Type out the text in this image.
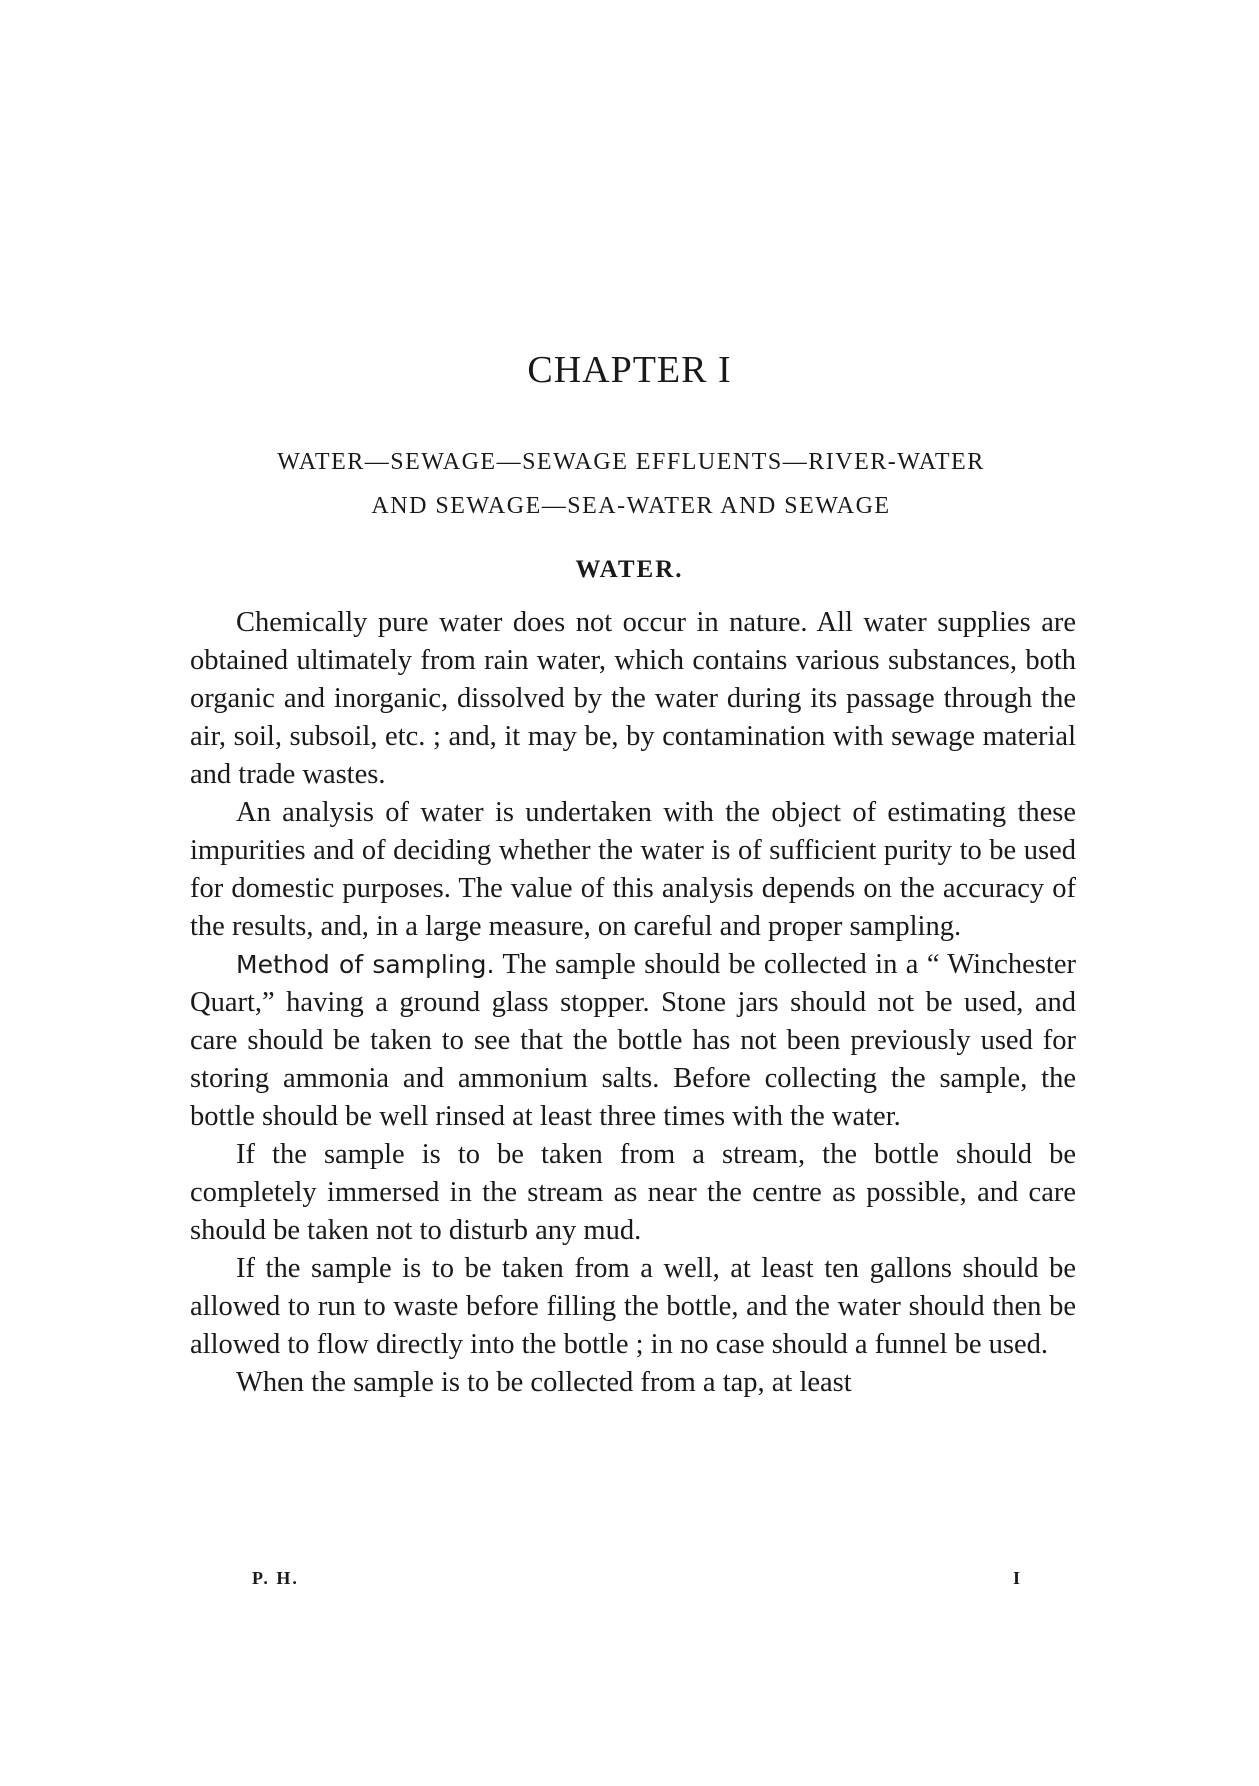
CHAPTER I
WATER—SEWAGE—SEWAGE EFFLUENTS—RIVER-WATER
AND SEWAGE—SEA-WATER AND SEWAGE
WATER.

Chemically pure water does not occur in nature. All water supplies are obtained ultimately from rain water, which contains various substances, both organic and inorganic, dissolved by the water during its passage through the air, soil, subsoil, etc. ; and, it may be, by contamination with sewage material and trade wastes.

An analysis of water is undertaken with the object of estimating these impurities and of deciding whether the water is of sufficient purity to be used for domestic purposes. The value of this analysis depends on the accuracy of the results, and, in a large measure, on careful and proper sampling.

Method of sampling. The sample should be collected in a “ Winchester Quart,” having a ground glass stopper. Stone jars should not be used, and care should be taken to see that the bottle has not been previously used for storing ammonia and ammonium salts. Before collecting the sample, the bottle should be well rinsed at least three times with the water.

If the sample is to be taken from a stream, the bottle should be completely immersed in the stream as near the centre as possible, and care should be taken not to disturb any mud.

If the sample is to be taken from a well, at least ten gallons should be allowed to run to waste before filling the bottle, and the water should then be allowed to flow directly into the bottle ; in no case should a funnel be used.

When the sample is to be collected from a tap, at least

P. H.	I
